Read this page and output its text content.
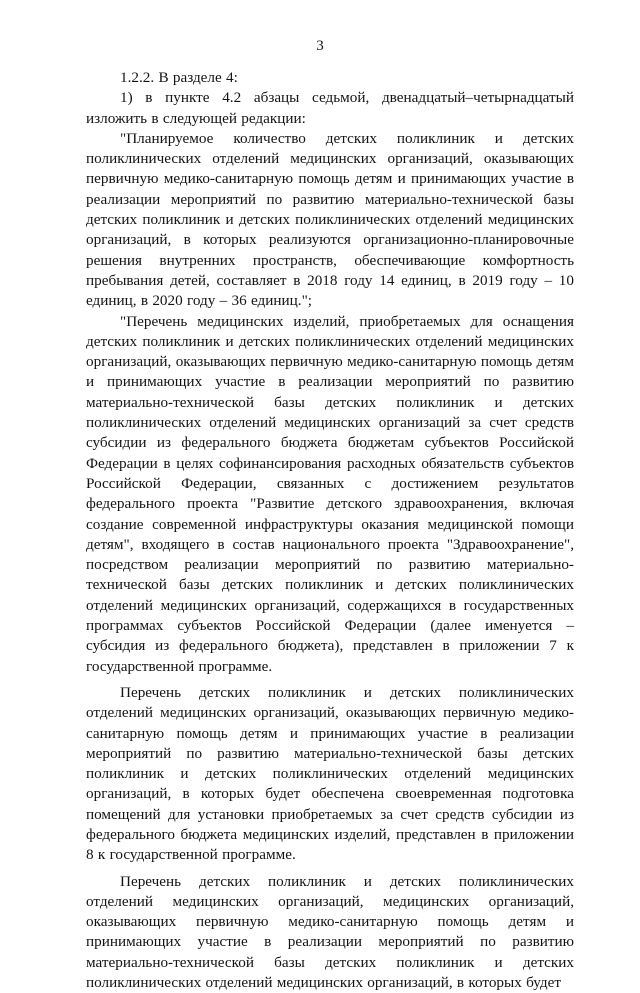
3

1.2.2. В разделе 4:

1) в пункте 4.2 абзацы седьмой, двенадцатый–четырнадцатый изложить в следующей редакции:

"Планируемое количество детских поликлиник и детских поликлинических отделений медицинских организаций, оказывающих первичную медико-санитарную помощь детям и принимающих участие в реализации мероприятий по развитию материально-технической базы детских поликлиник и детских поликлинических отделений медицинских организаций, в которых реализуются организационно-планировочные решения внутренних пространств, обеспечивающие комфортность пребывания детей, составляет в 2018 году 14 единиц, в 2019 году – 10 единиц, в 2020 году – 36 единиц.";

"Перечень медицинских изделий, приобретаемых для оснащения детских поликлиник и детских поликлинических отделений медицинских организаций, оказывающих первичную медико-санитарную помощь детям и принимающих участие в реализации мероприятий по развитию материально-технической базы детских поликлиник и детских поликлинических отделений медицинских организаций за счет средств субсидии из федерального бюджета бюджетам субъектов Российской Федерации в целях софинансирования расходных обязательств субъектов Российской Федерации, связанных с достижением результатов федерального проекта "Развитие детского здравоохранения, включая создание современной инфраструктуры оказания медицинской помощи детям", входящего в состав национального проекта "Здравоохранение", посредством реализации мероприятий по развитию материально-технической базы детских поликлиник и детских поликлинических отделений медицинских организаций, содержащихся в государственных программах субъектов Российской Федерации (далее именуется – субсидия из федерального бюджета), представлен в приложении 7 к государственной программе.

Перечень детских поликлиник и детских поликлинических отделений медицинских организаций, оказывающих первичную медико-санитарную помощь детям и принимающих участие в реализации мероприятий по развитию материально-технической базы детских поликлиник и детских поликлинических отделений медицинских организаций, в которых будет обеспечена своевременная подготовка помещений для установки приобретаемых за счет средств субсидии из федерального бюджета медицинских изделий, представлен в приложении 8 к государственной программе.

Перечень детских поликлиник и детских поликлинических отделений медицинских организаций, медицинских организаций, оказывающих первичную медико-санитарную помощь детям и принимающих участие в реализации мероприятий по развитию материально-технической базы детских поликлиник и детских поликлинических отделений медицинских организаций, в которых будет
